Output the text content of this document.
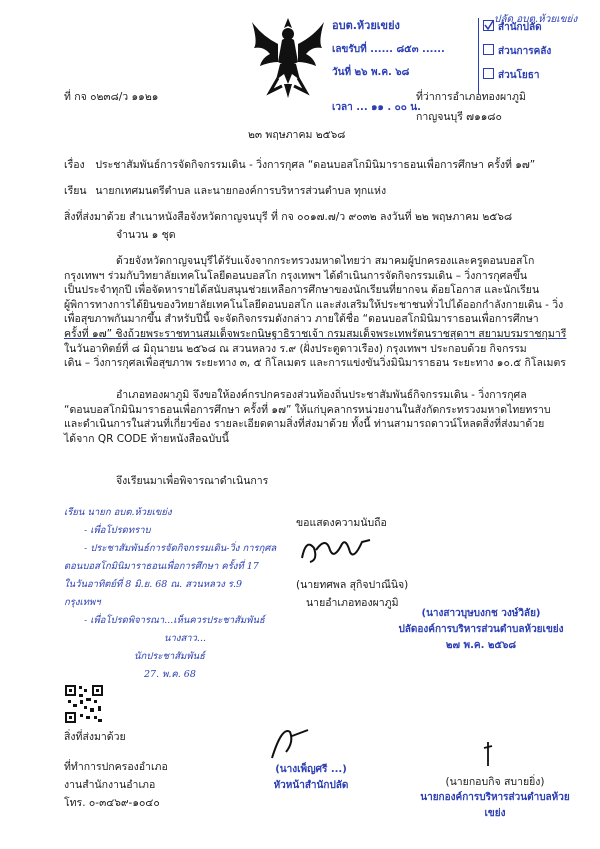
ที่ กจ ๐๒๓๘/ว ๑๑๒๑
อบต.ห้วยเขย่ง
เลขรับที่ ...... ๘๕๓ ......
วันที่ ๒๖ พ.ค. ๖๘
เวลา ... ๑๑ . ๐๐ น.
สำนักปลัด
ส่วนการคลัง
ส่วนโยธา
ปลัด อบต.ห้วยเขย่ง
ที่ว่าการอำเภอทองผาภูมิ
กาญจนบุรี ๗๑๑๘๐
๒๓ พฤษภาคม ๒๕๖๘
เรื่อง ประชาสัมพันธ์การจัดกิจกรรมเดิน - วิ่งการกุศล “ดอนบอสโกมินิมาราธอนเพื่อการศึกษา ครั้งที่ ๑๗”
เรียน นายกเทศมนตรีตำบล และนายกองค์การบริหารส่วนตำบล ทุกแห่ง
สิ่งที่ส่งมาด้วย สำเนาหนังสือจังหวัดกาญจนบุรี ที่ กจ ๐๐๑๗.๗/ว ๙๐๓๒ ลงวันที่ ๒๒ พฤษภาคม ๒๕๖๘
จำนวน ๑ ชุด
ด้วยจังหวัดกาญจนบุรีได้รับแจ้งจากกระทรวงมหาดไทยว่า สมาคมผู้ปกครองและครูดอนบอสโก
กรุงเทพฯ ร่วมกับวิทยาลัยเทคโนโลยีดอนบอสโก กรุงเทพฯ ได้ดำเนินการจัดกิจกรรมเดิน – วิ่งการกุศลขึ้น
เป็นประจำทุกปี เพื่อจัดหารายได้สนับสนุนช่วยเหลือการศึกษาของนักเรียนที่ยากจน ด้อยโอกาส และนักเรียน
ผู้พิการทางการได้ยินของวิทยาลัยเทคโนโลยีดอนบอสโก และส่งเสริมให้ประชาชนทั่วไปได้ออกกำลังกายเดิน - วิ่ง
เพื่อสุขภาพกันมากขึ้น สำหรับปีนี้ จะจัดกิจกรรมดังกล่าว ภายใต้ชื่อ “ดอนบอสโกมินิมาราธอนเพื่อการศึกษา
ครั้งที่ ๑๗” ชิงถ้วยพระราชทานสมเด็จพระกนิษฐาธิราชเจ้า กรมสมเด็จพระเทพรัตนราชสุดาฯ สยามบรมราชกุมารี
ในวันอาทิตย์ที่ ๘ มิถุนายน ๒๕๖๘ ณ สวนหลวง ร.๙ (ฝั่งประตูดาวเรือง) กรุงเทพฯ ประกอบด้วย กิจกรรม
เดิน – วิ่งการกุศลเพื่อสุขภาพ ระยะทาง ๓, ๕ กิโลเมตร และการแข่งขันวิ่งมินิมาราธอน ระยะทาง ๑๐.๕ กิโลเมตร
อำเภอทองผาภูมิ จึงขอให้องค์กรปกครองส่วนท้องถิ่นประชาสัมพันธ์กิจกรรมเดิน - วิ่งการกุศล
“ดอนบอสโกมินิมาราธอนเพื่อการศึกษา ครั้งที่ ๑๗” ให้แก่บุคลากรหน่วยงานในสังกัดกระทรวงมหาดไทยทราบ
และดำเนินการในส่วนที่เกี่ยวข้อง รายละเอียดตามสิ่งที่ส่งมาด้วย ทั้งนี้ ท่านสามารถดาวน์โหลดสิ่งที่ส่งมาด้วย
ได้จาก QR CODE ท้ายหนังสือฉบับนี้
จึงเรียนมาเพื่อพิจารณาดำเนินการ
ขอแสดงความนับถือ
(นายทศพล สุกิจปาณีนิจ)
นายอำเภอทองผาภูมิ
เรียน นายก อบต.ห้วยเขย่ง
- เพื่อโปรดทราบ
- ประชาสัมพันธ์การจัดกิจกรรมเดิน-วิ่ง การกุศล
ดอนบอสโกมินิมาราธอนเพื่อการศึกษา ครั้งที่ 17
ในวันอาทิตย์ที่ 8 มิ.ย. 68 ณ. สวนหลวง ร.9
กรุงเทพฯ
- เพื่อโปรดพิจารณา...เห็นควรประชาสัมพันธ์
นางสาว...
นักประชาสัมพันธ์
27. พ.ค. 68
(นางสาวบุษบงกช วงษ์วิลัย)
ปลัดองค์การบริหารส่วนตำบลห้วยเขย่ง
๒๗ พ.ค. ๒๕๖๘
สิ่งที่ส่งมาด้วย
ที่ทำการปกครองอำเภอ
งานสำนักงานอำเภอ
โทร. ๐-๓๔๖๙-๑๐๔๐
(นางเพ็ญศรี ...)
หัวหน้าสำนักปลัด	(นายกอบกิจ สบายยิ่ง)
นายกองค์การบริหารส่วนตำบลห้วยเขย่ง
